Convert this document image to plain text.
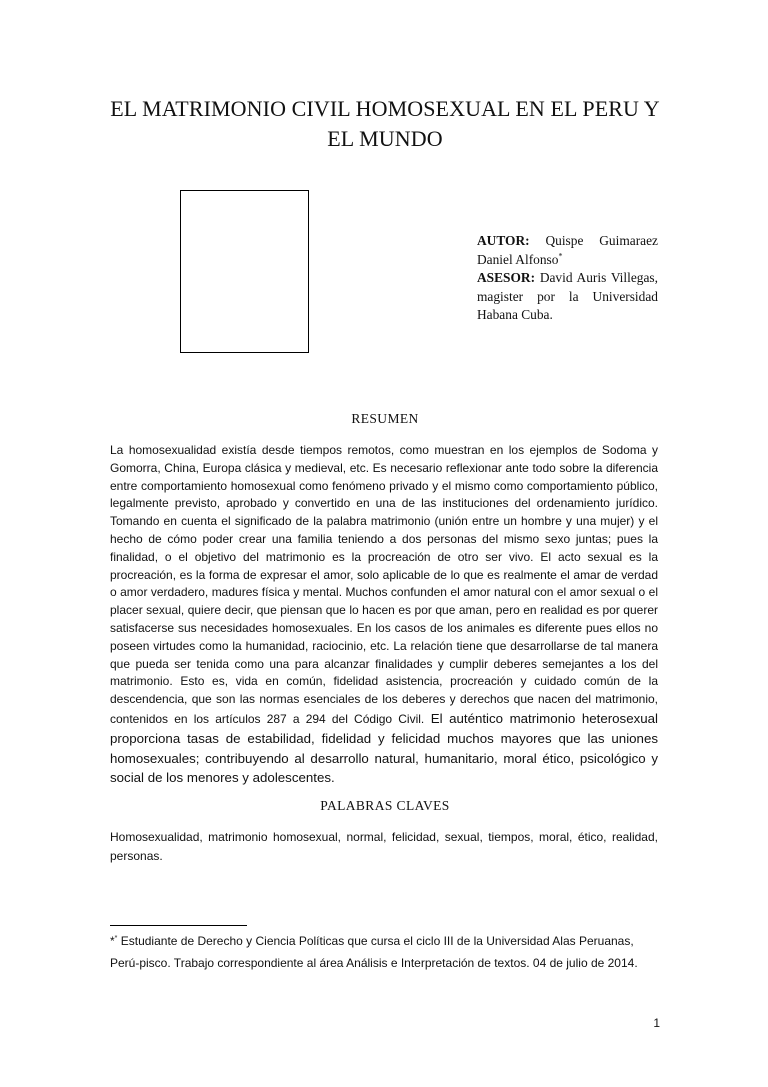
EL MATRIMONIO CIVIL HOMOSEXUAL EN EL PERU Y EL MUNDO
AUTOR: Quispe Guimaraez Daniel Alfonso*
ASESOR: David Auris Villegas, magister por la Universidad Habana Cuba.
RESUMEN
La homosexualidad existía desde tiempos remotos, como muestran en los ejemplos de Sodoma y Gomorra, China, Europa clásica y medieval, etc. Es necesario reflexionar ante todo sobre la diferencia entre comportamiento homosexual como fenómeno privado y el mismo como comportamiento público, legalmente previsto, aprobado y convertido en una de las instituciones del ordenamiento jurídico. Tomando en cuenta el significado de la palabra matrimonio (unión entre un hombre y una mujer) y el hecho de cómo poder crear una familia teniendo a dos personas del mismo sexo juntas; pues la finalidad, o el objetivo del matrimonio es la procreación de otro ser vivo. El acto sexual es la procreación, es la forma de expresar el amor, solo aplicable de lo que es realmente el amar de verdad o amor verdadero, madures física y mental. Muchos confunden el amor natural con el amor sexual o el placer sexual, quiere decir, que piensan que lo hacen es por que aman, pero en realidad es por querer satisfacerse sus necesidades homosexuales. En los casos de los animales es diferente pues ellos no poseen virtudes como la humanidad, raciocinio, etc. La relación tiene que desarrollarse de tal manera que pueda ser tenida como una para alcanzar finalidades y cumplir deberes semejantes a los del matrimonio. Esto es, vida en común, fidelidad asistencia, procreación y cuidado común de la descendencia, que son las normas esenciales de los deberes y derechos que nacen del matrimonio, contenidos en los artículos 287 a 294 del Código Civil. El auténtico matrimonio heterosexual proporciona tasas de estabilidad, fidelidad y felicidad muchos mayores que las uniones homosexuales; contribuyendo al desarrollo natural, humanitario, moral ético, psicológico y social de los menores y adolescentes.
PALABRAS CLAVES
Homosexualidad, matrimonio homosexual, normal, felicidad, sexual, tiempos, moral, ético, realidad, personas.
** Estudiante de Derecho y Ciencia Políticas que cursa el ciclo III de la Universidad Alas Peruanas, Perú-pisco. Trabajo correspondiente al área Análisis e Interpretación de textos. 04 de julio de 2014.
1
